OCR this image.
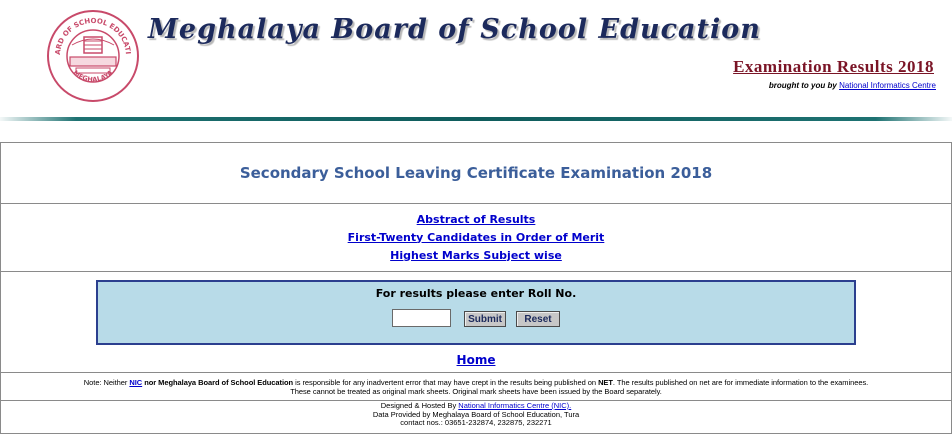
ARD OF SCHOOL EDUCATI
MEGHALAYA
Meghalaya Board of School Education
Examination Results 2018
brought to you by National Informatics Centre
Secondary School Leaving Certificate Examination 2018
Abstract of Results
First-Twenty Candidates in Order of Merit
Highest Marks Subject wise
For results please enter Roll No.
Submit	Reset
Home
Note: Neither NIC nor Meghalaya Board of School Education is responsible for any inadvertent error that may have crept in the results being published on NET. The results published on net are for immediate information to the examinees.
These cannot be treated as original mark sheets. Original mark sheets have been issued by the Board separately.
Designed & Hosted By National Informatics Centre (NIC).
Data Provided by Meghalaya Board of School Education, Tura
contact nos.: 03651-232874, 232875, 232271
